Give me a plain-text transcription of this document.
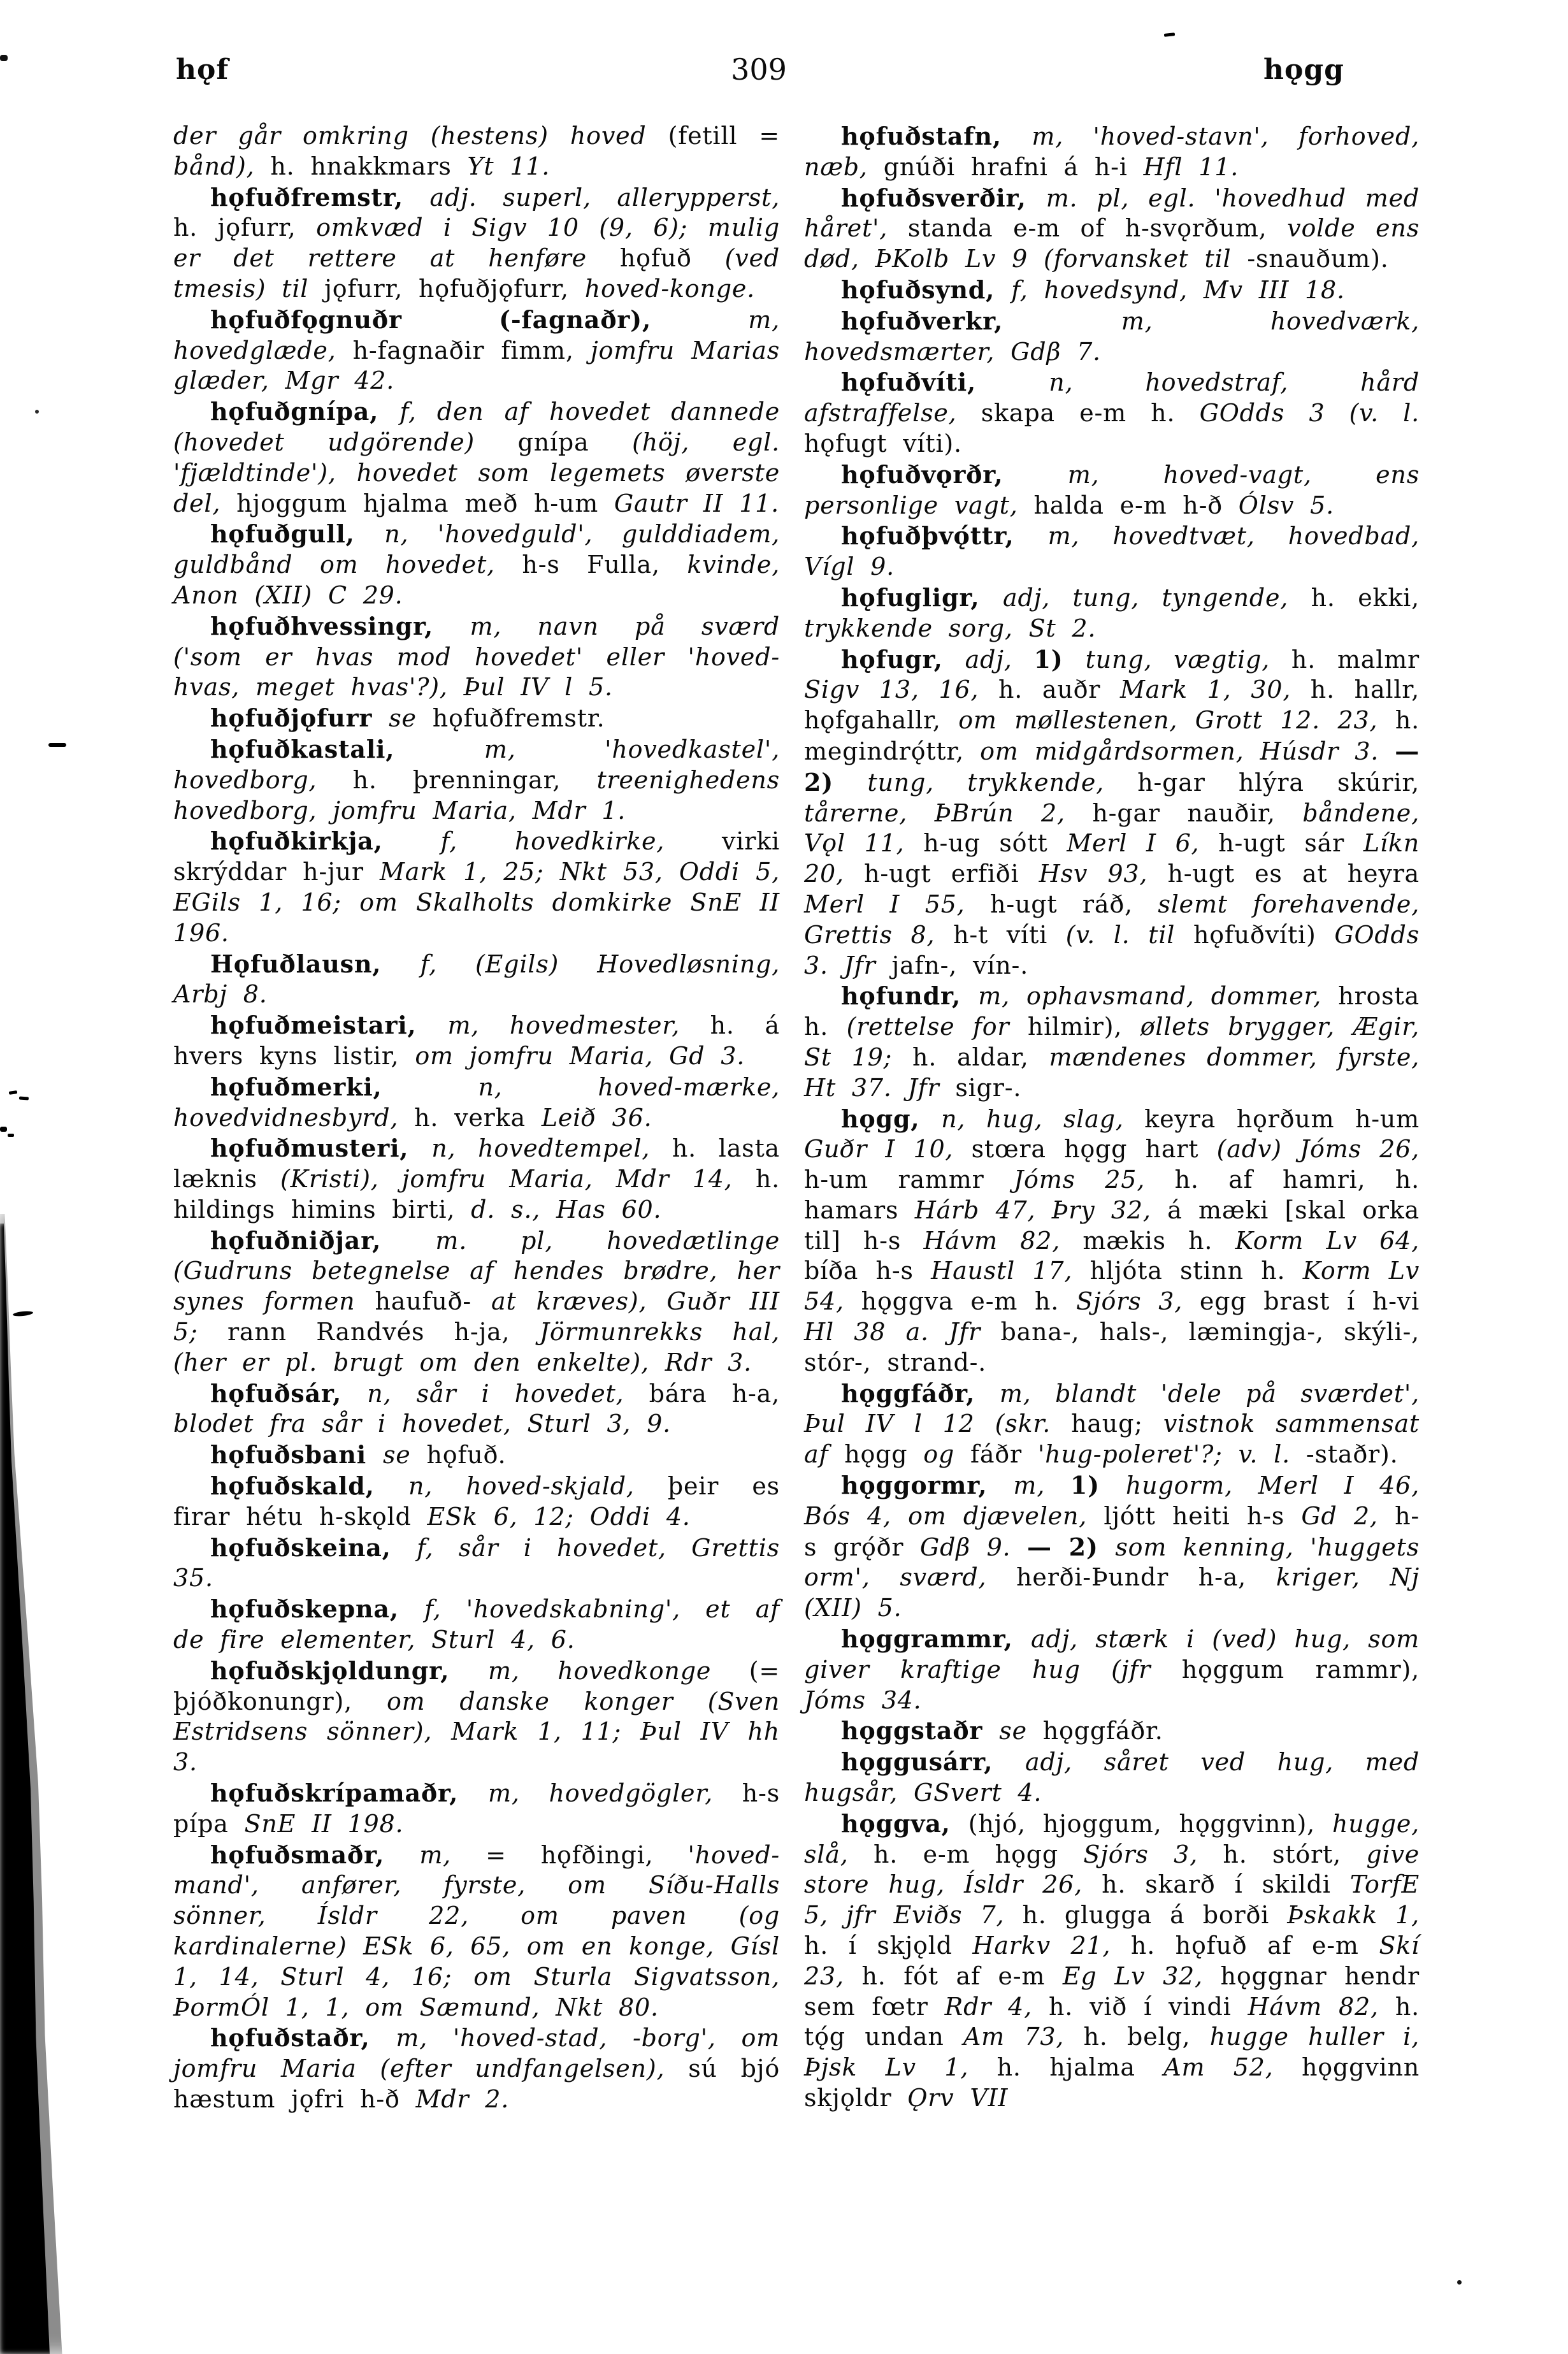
hǫf	309	hǫgg

der går omkring (hestens) hoved (fetill = bånd), h. hnakkmars Yt 11.

hǫfuðfremstr, adj. superl, allerypperst, h. jǫfurr, omkvæd i Sigv 10 (9, 6); mulig er det rettere at henføre hǫfuð (ved tmesis) til jǫfurr, hǫfuðjǫfurr, hoved-konge.

hǫfuðfǫgnuðr (-fagnaðr), m, hovedglæde, h-fagnaðir fimm, jomfru Marias glæder, Mgr 42.

hǫfuðgnípa, f, den af hovedet dannede (hovedet udgörende) gnípa (höj, egl. 'fjældtinde'), hovedet som legemets øverste del, hjoggum hjalma með h-um Gautr II 11.

hǫfuðgull, n, 'hovedguld', gulddiadem, guldbånd om hovedet, h-s Fulla, kvinde, Anon (XII) C 29.

hǫfuðhvessingr, m, navn på sværd ('som er hvas mod hovedet' eller 'hoved-hvas, meget hvas'?), Þul IV l 5.

hǫfuðjǫfurr se hǫfuðfremstr.

hǫfuðkastali, m, 'hovedkastel', hovedborg, h. þrenningar, treenighedens hovedborg, jomfru Maria, Mdr 1.

hǫfuðkirkja, f, hovedkirke, virki skrýddar h-jur Mark 1, 25; Nkt 53, Oddi 5, EGils 1, 16; om Skalholts domkirke SnE II 196.

Hǫfuðlausn, f, (Egils) Hovedløsning, Arbj 8.

hǫfuðmeistari, m, hovedmester, h. á hvers kyns listir, om jomfru Maria, Gd 3.

hǫfuðmerki, n, hoved-mærke, hovedvidnesbyrd, h. verka Leið 36.

hǫfuðmusteri, n, hovedtempel, h. lasta læknis (Kristi), jomfru Maria, Mdr 14, h. hildings himins birti, d. s., Has 60.

hǫfuðniðjar, m. pl, hovedætlinge (Gudruns betegnelse af hendes brødre, her synes formen haufuð- at kræves), Guðr III 5; rann Randvés h-ja, Jörmunrekks hal, (her er pl. brugt om den enkelte), Rdr 3.

hǫfuðsár, n, sår i hovedet, bára h-a, blodet fra sår i hovedet, Sturl 3, 9.

hǫfuðsbani se hǫfuð.

hǫfuðskald, n, hoved-skjald, þeir es firar hétu h-skǫld ESk 6, 12; Oddi 4.

hǫfuðskeina, f, sår i hovedet, Grettis 35.

hǫfuðskepna, f, 'hovedskabning', et af de fire elementer, Sturl 4, 6.

hǫfuðskjǫldungr, m, hovedkonge (= þjóðkonungr), om danske konger (Sven Estridsens sönner), Mark 1, 11; Þul IV hh 3.

hǫfuðskrípamaðr, m, hovedgögler, h-s pípa SnE II 198.

hǫfuðsmaðr, m, = hǫfðingi, 'hoved-mand', anfører, fyrste, om Síðu-Halls sönner, Ísldr 22, om paven (og kardinalerne) ESk 6, 65, om en konge, Gísl 1, 14, Sturl 4, 16; om Sturla Sigvatsson, ÞormÓl 1, 1, om Sæmund, Nkt 80.

hǫfuðstaðr, m, 'hoved-stad, -borg', om jomfru Maria (efter undfangelsen), sú bjó hæstum jǫfri h-ð Mdr 2.

hǫfuðstafn, m, 'hoved-stavn', forhoved, næb, gnúði hrafni á h-i Hfl 11.

hǫfuðsverðir, m. pl, egl. 'hovedhud med håret', standa e-m of h-svǫrðum, volde ens død, ÞKolb Lv 9 (forvansket til -snauðum).

hǫfuðsynd, f, hovedsynd, Mv III 18.

hǫfuðverkr, m, hovedværk, hovedsmærter, Gdβ 7.

hǫfuðvíti, n, hovedstraf, hård afstraffelse, skapa e-m h. GOdds 3 (v. l. hǫfugt víti).

hǫfuðvǫrðr, m, hoved-vagt, ens personlige vagt, halda e-m h-ð Ólsv 5.

hǫfuðþvǫ́ttr, m, hovedtvæt, hovedbad, Vígl 9.

hǫfugligr, adj, tung, tyngende, h. ekki, trykkende sorg, St 2.

hǫfugr, adj, 1) tung, vægtig, h. malmr Sigv 13, 16, h. auðr Mark 1, 30, h. hallr, hǫfgahallr, om møllestenen, Grott 12. 23, h. megindrǫ́ttr, om midgårdsormen, Húsdr 3. — 2) tung, trykkende, h-gar hlýra skúrir, tårerne, ÞBrún 2, h-gar nauðir, båndene, Vǫl 11, h-ug sótt Merl I 6, h-ugt sár Líkn 20, h-ugt erfiði Hsv 93, h-ugt es at heyra Merl I 55, h-ugt ráð, slemt forehavende, Grettis 8, h-t víti (v. l. til hǫfuðvíti) GOdds 3. Jfr jafn-, vín-.

hǫfundr, m, ophavsmand, dommer, hrosta h. (rettelse for hilmir), øllets brygger, Ægir, St 19; h. aldar, mændenes dommer, fyrste, Ht 37. Jfr sigr-.

hǫgg, n, hug, slag, keyra hǫrðum h-um Guðr I 10, stœra hǫgg hart (adv) Jóms 26, h-um rammr Jóms 25, h. af hamri, h. hamars Hárb 47, Þry 32, á mæki [skal orka til] h-s Hávm 82, mækis h. Korm Lv 64, bíða h-s Haustl 17, hljóta stinn h. Korm Lv 54, hǫggva e-m h. Sjórs 3, egg brast í h-vi Hl 38 a. Jfr bana-, hals-, læmingja-, skýli-, stór-, strand-.

hǫggfáðr, m, blandt 'dele på sværdet', Þul IV l 12 (skr. haug; vistnok sammensat af hǫgg og fáðr 'hug-poleret'?; v. l. -staðr).

hǫggormr, m, 1) hugorm, Merl I 46, Bós 4, om djævelen, ljótt heiti h-s Gd 2, h-s grǫ́ðr Gdβ 9. — 2) som kenning, 'huggets orm', sværd, herði-Þundr h-a, kriger, Nj (XII) 5.

hǫggrammr, adj, stærk i (ved) hug, som giver kraftige hug (jfr hǫggum rammr), Jóms 34.

hǫggstaðr se hǫggfáðr.

hǫggusárr, adj, såret ved hug, med hugsår, GSvert 4.

hǫggva, (hjó, hjoggum, hǫggvinn), hugge, slå, h. e-m hǫgg Sjórs 3, h. stórt, give store hug, Ísldr 26, h. skarð í skildi TorfE 5, jfr Eviðs 7, h. glugga á borði Þskakk 1, h. í skjǫld Harkv 21, h. hǫfuð af e-m Skí 23, h. fót af e-m Eg Lv 32, hǫggnar hendr sem fœtr Rdr 4, h. við í vindi Hávm 82, h. tǫ́g undan Am 73, h. belg, hugge huller i, Þjsk Lv 1, h. hjalma Am 52, hǫggvinn skjǫldr Ǫrv VII
